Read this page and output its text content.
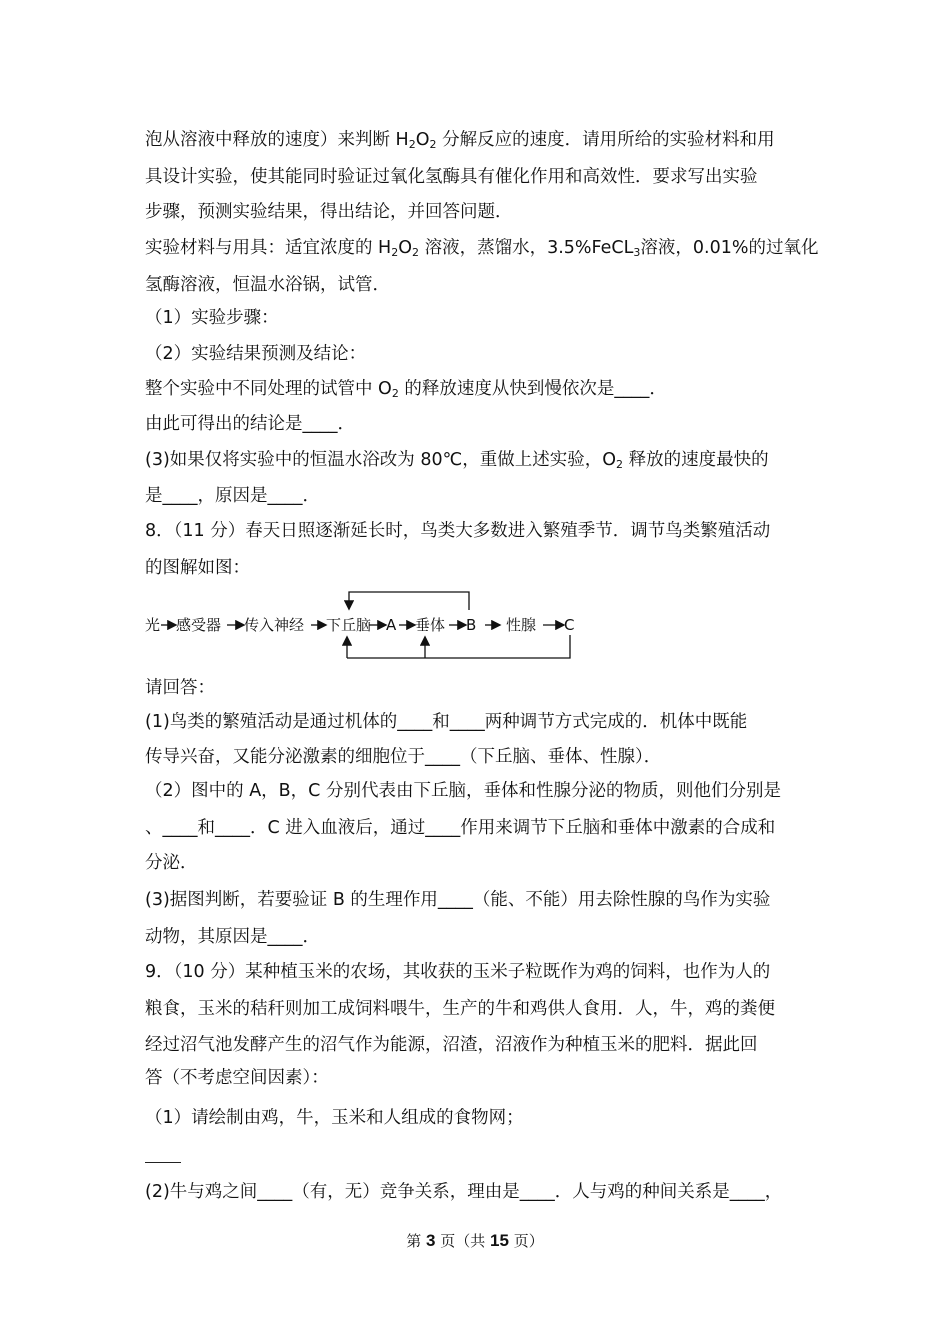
泡从溶液中释放的速度）来判断 $H_2O_2$ 分解反应的速度．请用所给的实验材料和用
具设计实验，使其能同时验证过氧化氢酶具有催化作用和高效性．要求写出实验
步骤，预测实验结果，得出结论，并回答问题．
实验材料与用具：适宜浓度的 $H_2O_2$ 溶液，蒸馏水，3.5%FeCL$_3$溶液，0.01%的过氧化
氢酶溶液，恒温水浴锅，试管．
（1）实验步骤：
（2）实验结果预测及结论：
整个实验中不同处理的试管中 $O_2$ 的释放速度从快到慢依次是____．
由此可得出的结论是____．
(3)如果仅将实验中的恒温水浴改为 80℃，重做上述实验，$O_2$ 释放的速度最快的
是____，原因是____．
8．（11 分）春天日照逐渐延长时，鸟类大多数进入繁殖季节．调节鸟类繁殖活动
的图解如图：
请回答：
(1)鸟类的繁殖活动是通过机体的____和____两种调节方式完成的．机体中既能
传导兴奋，又能分泌激素的细胞位于____（下丘脑、垂体、性腺）．
（2）图中的 A，B，C 分别代表由下丘脑，垂体和性腺分泌的物质，则他们分别是
、____和____．C 进入血液后，通过____作用来调节下丘脑和垂体中激素的合成和
分泌．
(3)据图判断，若要验证 B 的生理作用____（能、不能）用去除性腺的鸟作为实验
动物，其原因是____．
9．（10 分）某种植玉米的农场，其收获的玉米子粒既作为鸡的饲料，也作为人的
粮食，玉米的秸秆则加工成饲料喂牛，生产的牛和鸡供人食用．人，牛，鸡的粪便
经过沼气池发酵产生的沼气作为能源，沼渣，沼液作为种植玉米的肥料．据此回
答（不考虑空间因素）：
（1）请绘制由鸡，牛，玉米和人组成的食物网；
(2)牛与鸡之间____（有，无）竞争关系，理由是____．人与鸡的种间关系是____，
光 感受器 传入神经 下丘脑 A 垂体 B 性腺 C
第 3 页（共 15 页）
